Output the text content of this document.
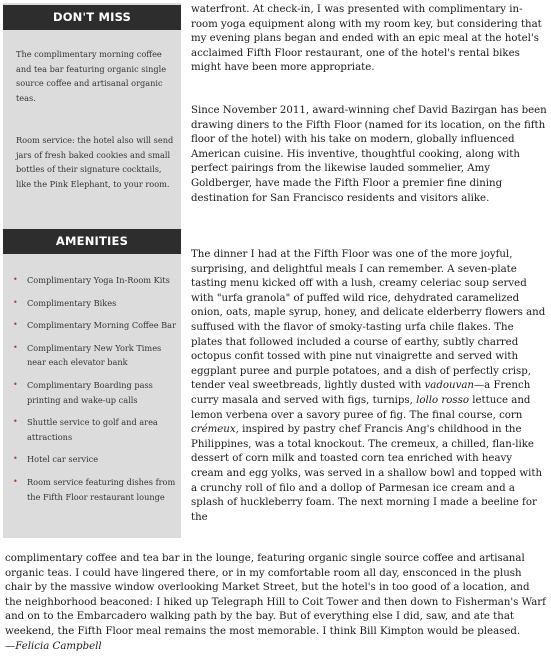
DON'T MISS
The complimentary morning coffee and tea bar featuring organic single source coffee and artisanal organic teas.
Room service: the hotel also will send jars of fresh baked cookies and small bottles of their signature cocktails, like the Pink Elephant, to your room.
AMENITIES
• Complimentary Yoga In-Room Kits
• Complimentary Bikes
• Complimentary Morning Coffee Bar
• Complimentary New York Times near each elevator bank
• Complimentary Boarding pass printing and wake-up calls
• Shuttle service to golf and area attractions
• Hotel car service
• Room service featuring dishes from the Fifth Floor restaurant lounge

waterfront. At check-in, I was presented with complimentary in-room yoga equipment along with my room key, but considering that my evening plans began and ended with an epic meal at the hotel's acclaimed Fifth Floor restaurant, one of the hotel's rental bikes might have been more appropriate.

Since November 2011, award-winning chef David Bazirgan has been drawing diners to the Fifth Floor (named for its location, on the fifth floor of the hotel) with his take on modern, globally influenced American cuisine. His inventive, thoughtful cooking, along with perfect pairings from the likewise lauded sommelier, Amy Goldberger, have made the Fifth Floor a premier fine dining destination for San Francisco residents and visitors alike.

The dinner I had at the Fifth Floor was one of the more joyful, surprising, and delightful meals I can remember. A seven-plate tasting menu kicked off with a lush, creamy celeriac soup served with "urfa granola" of puffed wild rice, dehydrated caramelized onion, oats, maple syrup, honey, and delicate elderberry flowers and suffused with the flavor of smoky-tasting urfa chile flakes. The plates that followed included a course of earthy, subtly charred octopus confit tossed with pine nut vinaigrette and served with eggplant puree and purple potatoes, and a dish of perfectly crisp, tender veal sweetbreads, lightly dusted with vadouvan—a French curry masala and served with figs, turnips, lollo rosso lettuce and lemon verbena over a savory puree of fig. The final course, corn crémeux, inspired by pastry chef Francis Ang's childhood in the Philippines, was a total knockout. The cremeux, a chilled, flan-like dessert of corn milk and toasted corn tea enriched with heavy cream and egg yolks, was served in a shallow bowl and topped with a crunchy roll of filo and a dollop of Parmesan ice cream and a splash of huckleberry foam. The next morning I made a beeline for the

complimentary coffee and tea bar in the lounge, featuring organic single source coffee and artisanal organic teas. I could have lingered there, or in my comfortable room all day, ensconced in the plush chair by the massive window overlooking Market Street, but the hotel's in too good of a location, and the neighborhood beaconed: I hiked up Telegraph Hill to Coit Tower and then down to Fisherman's Warf and on to the Embarcadero walking path by the bay. But of everything else I did, saw, and ate that weekend, the Fifth Floor meal remains the most memorable. I think Bill Kimpton would be pleased.

—Felicia Campbell
